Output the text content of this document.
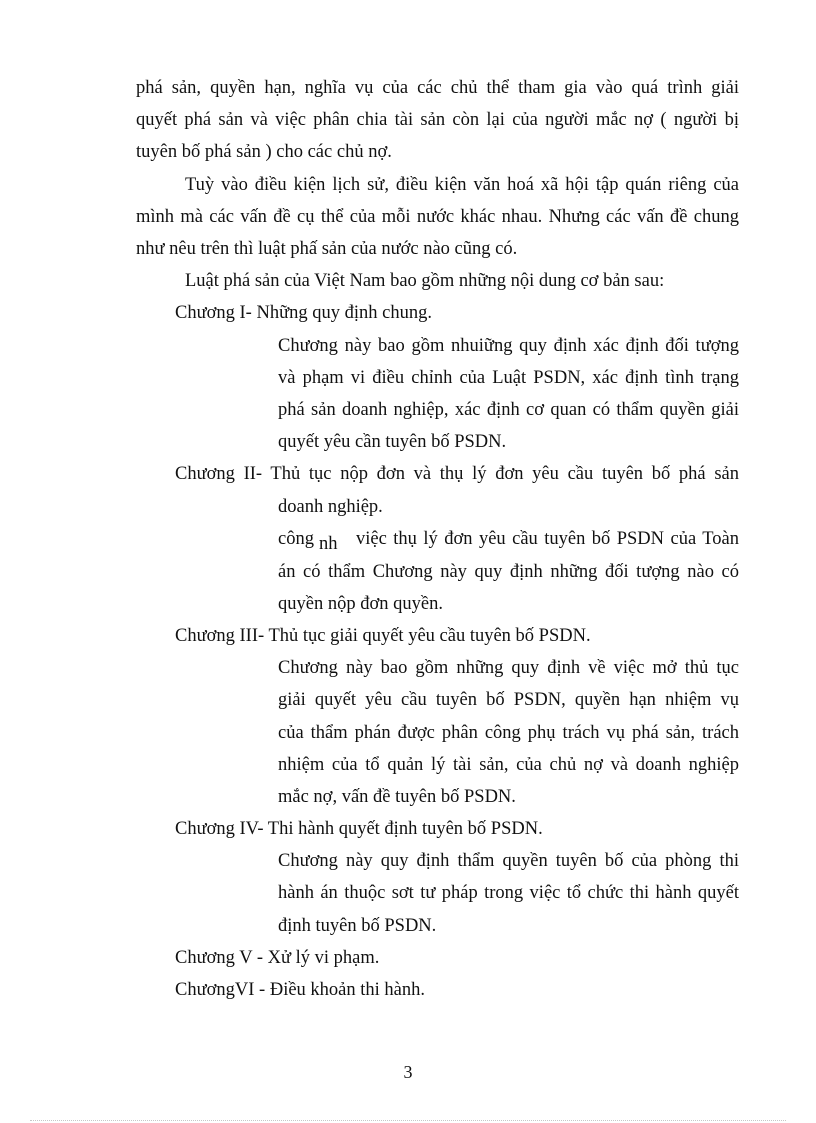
phá sản, quyền hạn, nghĩa vụ của các chủ thể tham gia vào quá trình giải
quyết phá sản và việc phân chia tài sản còn lại của người mắc nợ ( người bị
tuyên bố phá sản ) cho các chủ nợ.
Tuỳ vào điều kiện lịch sử, điều kiện văn hoá xã hội tập quán riêng của
mình mà các vấn đề cụ thể của mỗi nước khác nhau. Nhưng các vấn đề chung
như nêu trên thì luật phấ sản của nước nào cũng có.
Luật phá sản của Việt Nam bao gồm những nội dung cơ bản sau:
Chương I- Những quy định chung.
Chương này bao gồm nhuiững quy định xác định đối tượng
và phạm vi điều chỉnh của Luật PSDN, xác định tình trạng
phá sản doanh nghiệp, xác định cơ quan có thẩm quyền giải
quyết yêu cần tuyên bố PSDN.
Chương II- Thủ tục nộp đơn và thụ lý đơn yêu cầu tuyên bố phá sản
doanh nghiệp.
công nh việc thụ lý đơn yêu cầu tuyên bố PSDN của Toàn
án có thẩm Chương này quy định những đối tượng nào có
quyền nộp đơn quyền.
Chương III- Thủ tục giải quyết yêu cầu tuyên bố PSDN.
Chương này bao gồm những quy định về việc mở thủ tục
giải quyết yêu cầu tuyên bố PSDN, quyền hạn nhiệm vụ
của thẩm phán được phân công phụ trách vụ phá sản, trách
nhiệm của tổ quản lý tài sản, của chủ nợ và doanh nghiệp
mắc nợ, vấn đề tuyên bố PSDN.
Chương IV- Thi hành quyết định tuyên bố PSDN.
Chương này quy định thẩm quyền tuyên bố của phòng thi
hành án thuộc sơt tư pháp trong việc tổ chức thi hành quyết
định tuyên bố PSDN.
Chương V - Xử lý vi phạm.
ChươngVI - Điều khoản thi hành.
3
